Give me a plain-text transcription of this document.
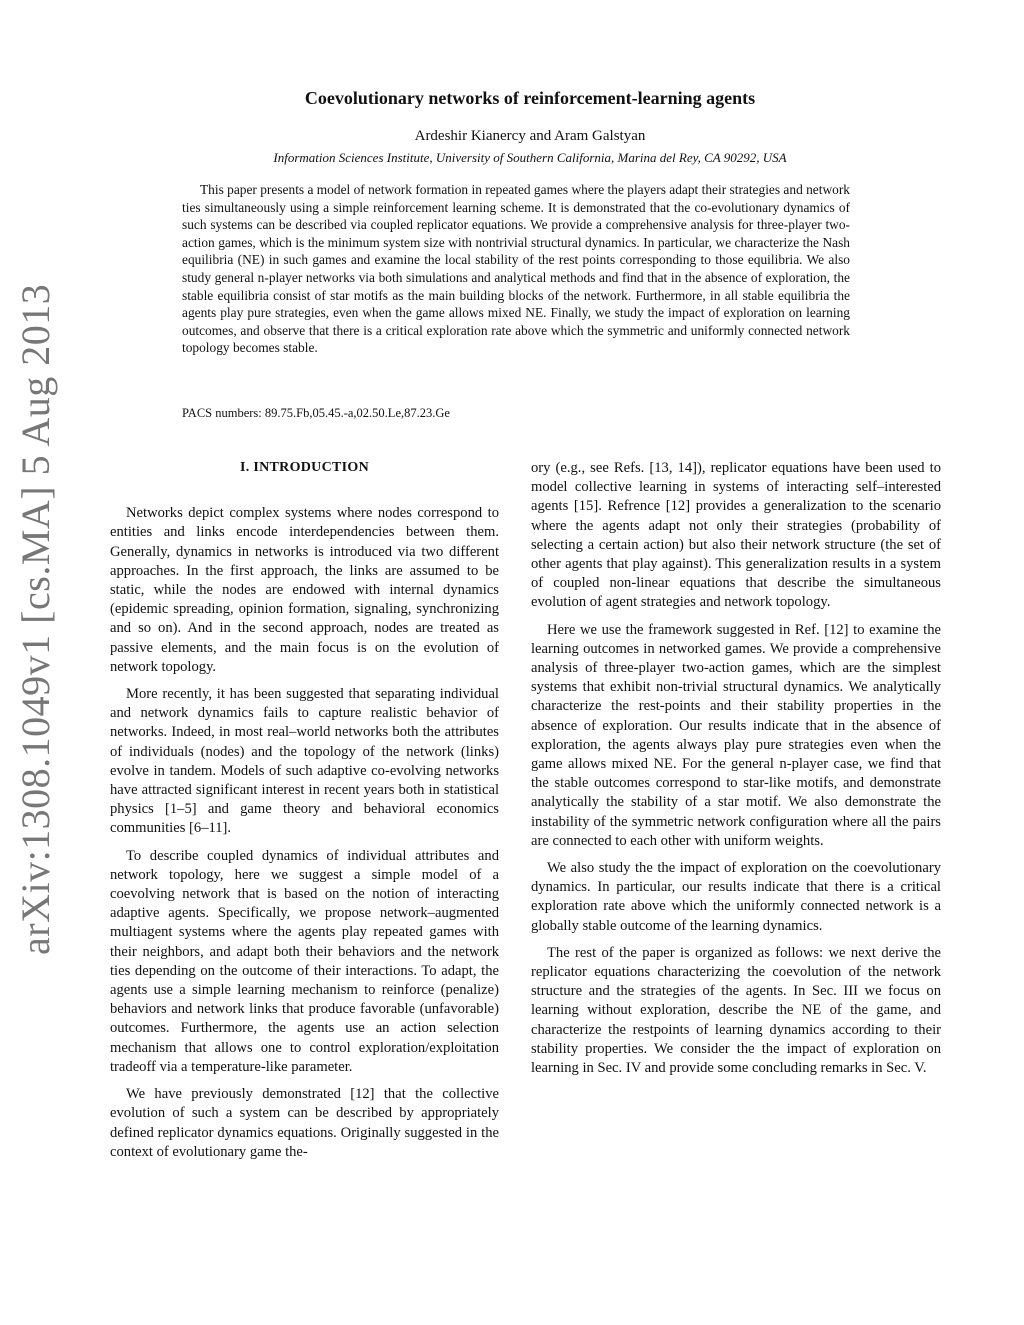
arXiv:1308.1049v1 [cs.MA] 5 Aug 2013
Coevolutionary networks of reinforcement-learning agents
Ardeshir Kianercy and Aram Galstyan
Information Sciences Institute, University of Southern California, Marina del Rey, CA 90292, USA
This paper presents a model of network formation in repeated games where the players adapt their strategies and network ties simultaneously using a simple reinforcement learning scheme. It is demonstrated that the co-evolutionary dynamics of such systems can be described via coupled replicator equations. We provide a comprehensive analysis for three-player two-action games, which is the minimum system size with nontrivial structural dynamics. In particular, we characterize the Nash equilibria (NE) in such games and examine the local stability of the rest points corresponding to those equilibria. We also study general n-player networks via both simulations and analytical methods and find that in the absence of exploration, the stable equilibria consist of star motifs as the main building blocks of the network. Furthermore, in all stable equilibria the agents play pure strategies, even when the game allows mixed NE. Finally, we study the impact of exploration on learning outcomes, and observe that there is a critical exploration rate above which the symmetric and uniformly connected network topology becomes stable.
PACS numbers: 89.75.Fb,05.45.-a,02.50.Le,87.23.Ge
I. INTRODUCTION

Networks depict complex systems where nodes correspond to entities and links encode interdependencies between them. Generally, dynamics in networks is introduced via two different approaches. In the first approach, the links are assumed to be static, while the nodes are endowed with internal dynamics (epidemic spreading, opinion formation, signaling, synchronizing and so on). And in the second approach, nodes are treated as passive elements, and the main focus is on the evolution of network topology.

More recently, it has been suggested that separating individual and network dynamics fails to capture realistic behavior of networks. Indeed, in most real–world networks both the attributes of individuals (nodes) and the topology of the network (links) evolve in tandem. Models of such adaptive co-evolving networks have attracted significant interest in recent years both in statistical physics [1–5] and game theory and behavioral economics communities [6–11].

To describe coupled dynamics of individual attributes and network topology, here we suggest a simple model of a coevolving network that is based on the notion of interacting adaptive agents. Specifically, we propose network–augmented multiagent systems where the agents play repeated games with their neighbors, and adapt both their behaviors and the network ties depending on the outcome of their interactions. To adapt, the agents use a simple learning mechanism to reinforce (penalize) behaviors and network links that produce favorable (unfavorable) outcomes. Furthermore, the agents use an action selection mechanism that allows one to control exploration/exploitation tradeoff via a temperature-like parameter.

We have previously demonstrated [12] that the collective evolution of such a system can be described by appropriately defined replicator dynamics equations. Originally suggested in the context of evolutionary game the-

ory (e.g., see Refs. [13, 14]), replicator equations have been used to model collective learning in systems of interacting self–interested agents [15]. Refrence [12] provides a generalization to the scenario where the agents adapt not only their strategies (probability of selecting a certain action) but also their network structure (the set of other agents that play against). This generalization results in a system of coupled non-linear equations that describe the simultaneous evolution of agent strategies and network topology.

Here we use the framework suggested in Ref. [12] to examine the learning outcomes in networked games. We provide a comprehensive analysis of three-player two-action games, which are the simplest systems that exhibit non-trivial structural dynamics. We analytically characterize the rest-points and their stability properties in the absence of exploration. Our results indicate that in the absence of exploration, the agents always play pure strategies even when the game allows mixed NE. For the general n-player case, we find that the stable outcomes correspond to star-like motifs, and demonstrate analytically the stability of a star motif. We also demonstrate the instability of the symmetric network configuration where all the pairs are connected to each other with uniform weights.

We also study the the impact of exploration on the coevolutionary dynamics. In particular, our results indicate that there is a critical exploration rate above which the uniformly connected network is a globally stable outcome of the learning dynamics.

The rest of the paper is organized as follows: we next derive the replicator equations characterizing the coevolution of the network structure and the strategies of the agents. In Sec. III we focus on learning without exploration, describe the NE of the game, and characterize the restpoints of learning dynamics according to their stability properties. We consider the the impact of exploration on learning in Sec. IV and provide some concluding remarks in Sec. V.
